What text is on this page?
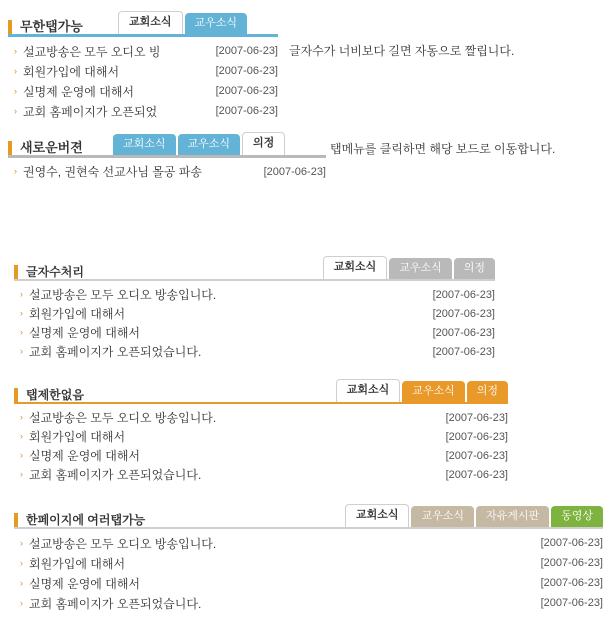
글자수가 너비보다 길면 자동으로 짤립니다.
탭메뉴를 클릭하면 해당 보드로 이동합니다.
무한탭가능	교회소식	교우소식
› 설교방송은 모두 오디오 빙	[2007-06-23]
› 회원가입에 대해서	[2007-06-23]
› 실명제 운영에 대해서	[2007-06-23]
› 교회 홈페이지가 오픈되었	[2007-06-23]
새로운버젼	교회소식	교우소식	의정
› 권영수, 권현숙 선교사님 몰공 파송	[2007-06-23]
글자수처리	교회소식	교우소식	의정
› 설교방송은 모두 오디오 방송입니다.	[2007-06-23]
› 회원가입에 대해서	[2007-06-23]
› 실명제 운영에 대해서	[2007-06-23]
› 교회 홈페이지가 오픈되었습니다.	[2007-06-23]
탭제한없음	교회소식	교우소식	의정
› 설교방송은 모두 오디오 방송입니다.	[2007-06-23]
› 회원가입에 대해서	[2007-06-23]
› 실명제 운영에 대해서	[2007-06-23]
› 교회 홈페이지가 오픈되었습니다.	[2007-06-23]
한페이지에 여러탭가능	교회소식	교우소식	자유게시판	동영상
› 설교방송은 모두 오디오 방송입니다.	[2007-06-23]
› 회원가입에 대해서	[2007-06-23]
› 실명제 운영에 대해서	[2007-06-23]
› 교회 홈페이지가 오픈되었습니다.	[2007-06-23]
